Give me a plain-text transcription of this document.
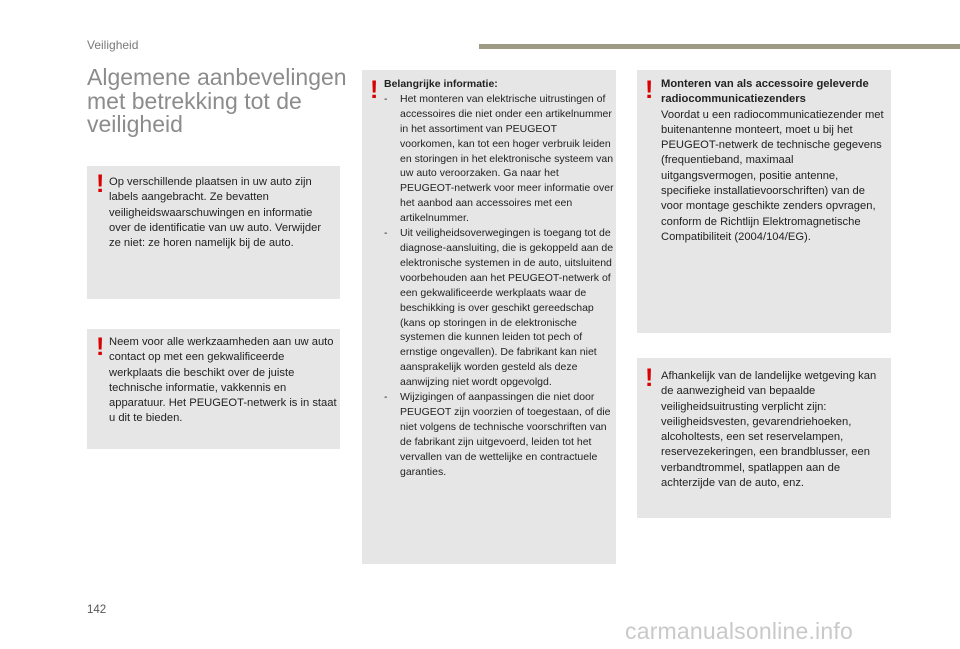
Veiligheid
Algemene aanbevelingen met betrekking tot de veiligheid
! Op verschillende plaatsen in uw auto zijn labels aangebracht. Ze bevatten veiligheidswaarschuwingen en informatie over de identificatie van uw auto. Verwijder ze niet: ze horen namelijk bij de auto.

! Neem voor alle werkzaamheden aan uw auto contact op met een gekwalificeerde werkplaats die beschikt over de juiste technische informatie, vakkennis en apparatuur. Het PEUGEOT-netwerk is in staat u dit te bieden.

! Belangrijke informatie:

- Het monteren van elektrische uitrustingen of accessoires die niet onder een artikelnummer in het assortiment van PEUGEOT voorkomen, kan tot een hoger verbruik leiden en storingen in het elektronische systeem van uw auto veroorzaken. Ga naar het PEUGEOT-netwerk voor meer informatie over het aanbod aan accessoires met een artikelnummer.
- Uit veiligheidsoverwegingen is toegang tot de diagnose-aansluiting, die is gekoppeld aan de elektronische systemen in de auto, uitsluitend voorbehouden aan het PEUGEOT-netwerk of een gekwalificeerde werkplaats waar de beschikking is over geschikt gereedschap (kans op storingen in de elektronische systemen die kunnen leiden tot pech of ernstige ongevallen). De fabrikant kan niet aansprakelijk worden gesteld als deze aanwijzing niet wordt opgevolgd.
- Wijzigingen of aanpassingen die niet door PEUGEOT zijn voorzien of toegestaan, of die niet volgens de technische voorschriften van de fabrikant zijn uitgevoerd, leiden tot het vervallen van de wettelijke en contractuele garanties.
! Monteren van als accessoire geleverde radiocommunicatiezenders

Voordat u een radiocommunicatiezender met buitenantenne monteert, moet u bij het PEUGEOT-netwerk de technische gegevens (frequentieband, maximaal uitgangsvermogen, positie antenne, specifieke installatievoorschriften) van de voor montage geschikte zenders opvragen, conform de Richtlijn Elektromagnetische Compatibiliteit (2004/104/EG).

! Afhankelijk van de landelijke wetgeving kan de aanwezigheid van bepaalde veiligheidsuitrusting verplicht zijn: veiligheidsvesten, gevarendriehoeken, alcoholtests, een set reservelampen, reservezekeringen, een brandblusser, een verbandtrommel, spatlappen aan de achterzijde van de auto, enz.

142
carmanualsonline.info
